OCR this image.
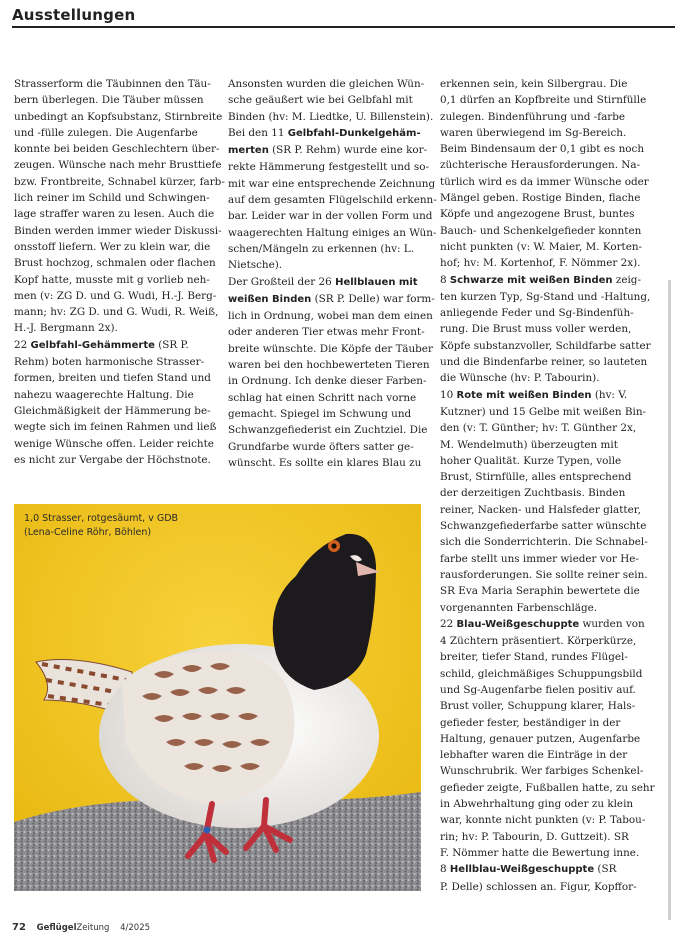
Ausstellungen

Strasserform die Täubinnen den Täu-
bern überlegen. Die Täuber müssen
unbedingt an Kopfsubstanz, Stirnbreite
und -fülle zulegen. Die Augenfarbe
konnte bei beiden Geschlechtern über-
zeugen. Wünsche nach mehr Brusttiefe
bzw. Frontbreite, Schnabel kürzer, farb-
lich reiner im Schild und Schwingen-
lage straffer waren zu lesen. Auch die
Binden werden immer wieder Diskussi-
onsstoff liefern. Wer zu klein war, die
Brust hochzog, schmalen oder flachen
Kopf hatte, musste mit g vorlieb neh-
men (v: ZG D. und G. Wudi, H.-J. Berg-
mann; hv: ZG D. und G. Wudi, R. Weiß,
H.-J. Bergmann 2x).

22 Gelbfahl-Gehämmerte (SR P.
Rehm) boten harmonische Strasser-
formen, breiten und tiefen Stand und
nahezu waagerechte Haltung. Die
Gleichmäßigkeit der Hämmerung be-
wegte sich im feinen Rahmen und ließ
wenige Wünsche offen. Leider reichte
es nicht zur Vergabe der Höchstnote.

Ansonsten wurden die gleichen Wün-
sche geäußert wie bei Gelbfahl mit
Binden (hv: M. Liedtke, U. Billenstein).
Bei den 11 Gelbfahl-Dunkelgehäm-
merten (SR P. Rehm) wurde eine kor-
rekte Hämmerung festgestellt und so-
mit war eine entsprechende Zeichnung
auf dem gesamten Flügelschild erkenn-
bar. Leider war in der vollen Form und
waagerechten Haltung einiges an Wün-
schen/Mängeln zu erkennen (hv: L.
Nietsche).

Der Großteil der 26 Hellblauen mit
weißen Binden (SR P. Delle) war form-
lich in Ordnung, wobei man dem einen
oder anderen Tier etwas mehr Front-
breite wünschte. Die Köpfe der Täuber
waren bei den hochbewerteten Tieren
in Ordnung. Ich denke dieser Farben-
schlag hat einen Schritt nach vorne
gemacht. Spiegel im Schwung und
Schwanzgefiederist ein Zuchtziel. Die
Grundfarbe wurde öfters satter ge-
wünscht. Es sollte ein klares Blau zu

erkennen sein, kein Silbergrau. Die
0,1 dürfen an Kopfbreite und Stirnfülle
zulegen. Bindenführung und -farbe
waren überwiegend im Sg-Bereich.
Beim Bindensaum der 0,1 gibt es noch
züchterische Herausforderungen. Na-
türlich wird es da immer Wünsche oder
Mängel geben. Rostige Binden, flache
Köpfe und angezogene Brust, buntes
Bauch- und Schenkelgefieder konnten
nicht punkten (v: W. Maier, M. Korten-
hof; hv: M. Kortenhof, F. Nömmer 2x).

8 Schwarze mit weißen Binden zeig-
ten kurzen Typ, Sg-Stand und -Haltung,
anliegende Feder und Sg-Bindenfüh-
rung. Die Brust muss voller werden,
Köpfe substanzvoller, Schildfarbe satter
und die Bindenfarbe reiner, so lauteten
die Wünsche (hv: P. Tabourin).

10 Rote mit weißen Binden (hv: V.
Kutzner) und 15 Gelbe mit weißen Bin-
den (v: T. Günther; hv: T. Günther 2x,
M. Wendelmuth) überzeugten mit
hoher Qualität. Kurze Typen, volle
Brust, Stirnfülle, alles entsprechend
der derzeitigen Zuchtbasis. Binden
reiner, Nacken- und Halsfeder glatter,
Schwanzgefiederfarbe satter wünschte
sich die Sonderrichterin. Die Schnabel-
farbe stellt uns immer wieder vor He-
rausforderungen. Sie sollte reiner sein.
SR Eva Maria Seraphin bewertete die
vorgenannten Farbenschläge.

22 Blau-Weißgeschuppte wurden von
4 Züchtern präsentiert. Körperkürze,
breiter, tiefer Stand, rundes Flügel-
schild, gleichmäßiges Schuppungsbild
und Sg-Augenfarbe fielen positiv auf.
Brust voller, Schuppung klarer, Hals-
gefieder fester, beständiger in der
Haltung, genauer putzen, Augenfarbe
lebhafter waren die Einträge in der
Wunschrubrik. Wer farbiges Schenkel-
gefieder zeigte, Fußballen hatte, zu sehr
in Abwehrhaltung ging oder zu klein
war, konnte nicht punkten (v: P. Tabou-
rin; hv: P. Tabourin, D. Guttzeit). SR
F. Nömmer hatte die Bewertung inne.

8 Hellblau-Weißgeschuppte (SR
P. Delle) schlossen an. Figur, Kopffor-

1,0 Strasser, rotgesäumt, v GDB
(Lena-Celine Röhr, Böhlen)
72 GeflügelZeitung 4/2025
